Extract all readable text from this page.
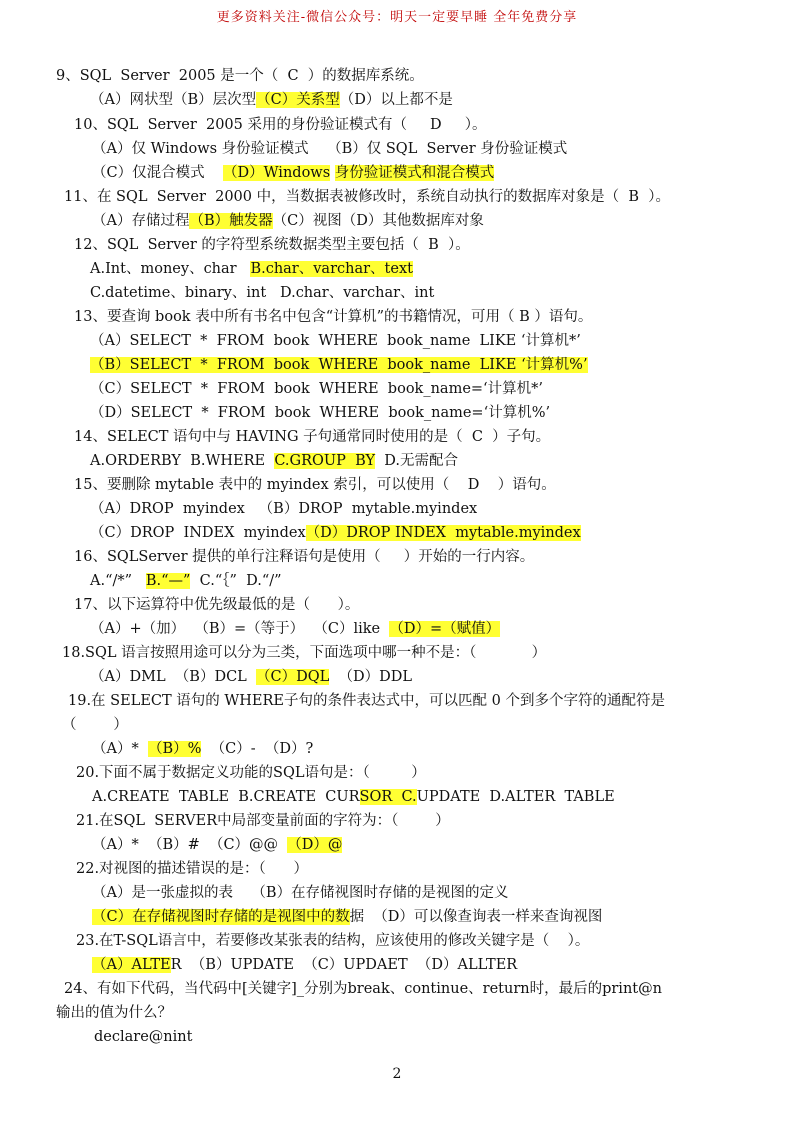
更多资料关注-微信公众号：明天一定要早睡 全年免费分享
9、SQL  Server  2005 是一个（  C  ）的数据库系统。
（A）网状型（B）层次型（C）关系型（D）以上都不是
10、SQL  Server  2005 采用的身份验证模式有（     D     ）。
（A）仅 Windows 身份验证模式    （B）仅 SQL  Server 身份验证模式
（C）仅混合模式    （D）Windows 身份验证模式和混合模式
11、在 SQL  Server  2000 中，当数据表被修改时，系统自动执行的数据库对象是（  B  ）。
（A）存储过程（B）触发器（C）视图（D）其他数据库对象
12、SQL  Server 的字符型系统数据类型主要包括（  B  ）。
A.Int、money、char   B.char、varchar、text
C.datetime、binary、int   D.char、varchar、int
13、要查询 book 表中所有书名中包含“计算机”的书籍情况，可用（ B ）语句。
（A）SELECT  *  FROM  book  WHERE  book_name  LIKE ‘计算机*’
（B）SELECT  *  FROM  book  WHERE  book_name  LIKE ‘计算机%’
（C）SELECT  *  FROM  book  WHERE  book_name=‘计算机*’
（D）SELECT  *  FROM  book  WHERE  book_name=‘计算机%’
14、SELECT 语句中与 HAVING 子句通常同时使用的是（  C  ）子句。
A.ORDERBY  B.WHERE  C.GROUP  BY  D.无需配合
15、要删除 mytable 表中的 myindex 索引，可以使用（    D    ）语句。
（A）DROP  myindex   （B）DROP  mytable.myindex
（C）DROP  INDEX  myindex（D）DROP INDEX  mytable.myindex
16、SQLServer 提供的单行注释语句是使用（     ）开始的一行内容。
A.“/*”   B.“—”  C.“｛”  D.“/”
17、以下运算符中优先级最低的是（      ）。
（A）+（加）  （B）=（等于）  （C）like  （D）=（赋值）
18.SQL 语言按照用途可以分为三类，下面选项中哪一种不是：（            ）
（A）DML  （B）DCL  （C）DQL  （D）DDL
19.在 SELECT 语句的 WHERE子句的条件表达式中，可以匹配 0 个到多个字符的通配符是
（        ）
（A）*  （B）%  （C）-  （D）?
20.下面不属于数据定义功能的SQL语句是：（         ）
A.CREATE  TABLE  B.CREATE  CURSOR  C.UPDATE  D.ALTER  TABLE
21.在SQL  SERVER中局部变量前面的字符为：（        ）
（A）*  （B）#  （C）@@  （D）@
22.对视图的描述错误的是：（      ）
（A）是一张虚拟的表    （B）在存储视图时存储的是视图的定义
（C）在存储视图时存储的是视图中的数据  （D）可以像查询表一样来查询视图
23.在T-SQL语言中，若要修改某张表的结构，应该使用的修改关键字是（    ）。
（A）ALTER  （B）UPDATE  （C）UPDAET  （D）ALLTER
24、有如下代码，当代码中[关键字]_分别为break、continue、return时，最后的print@n
输出的值为什么？
declare@nint
2
